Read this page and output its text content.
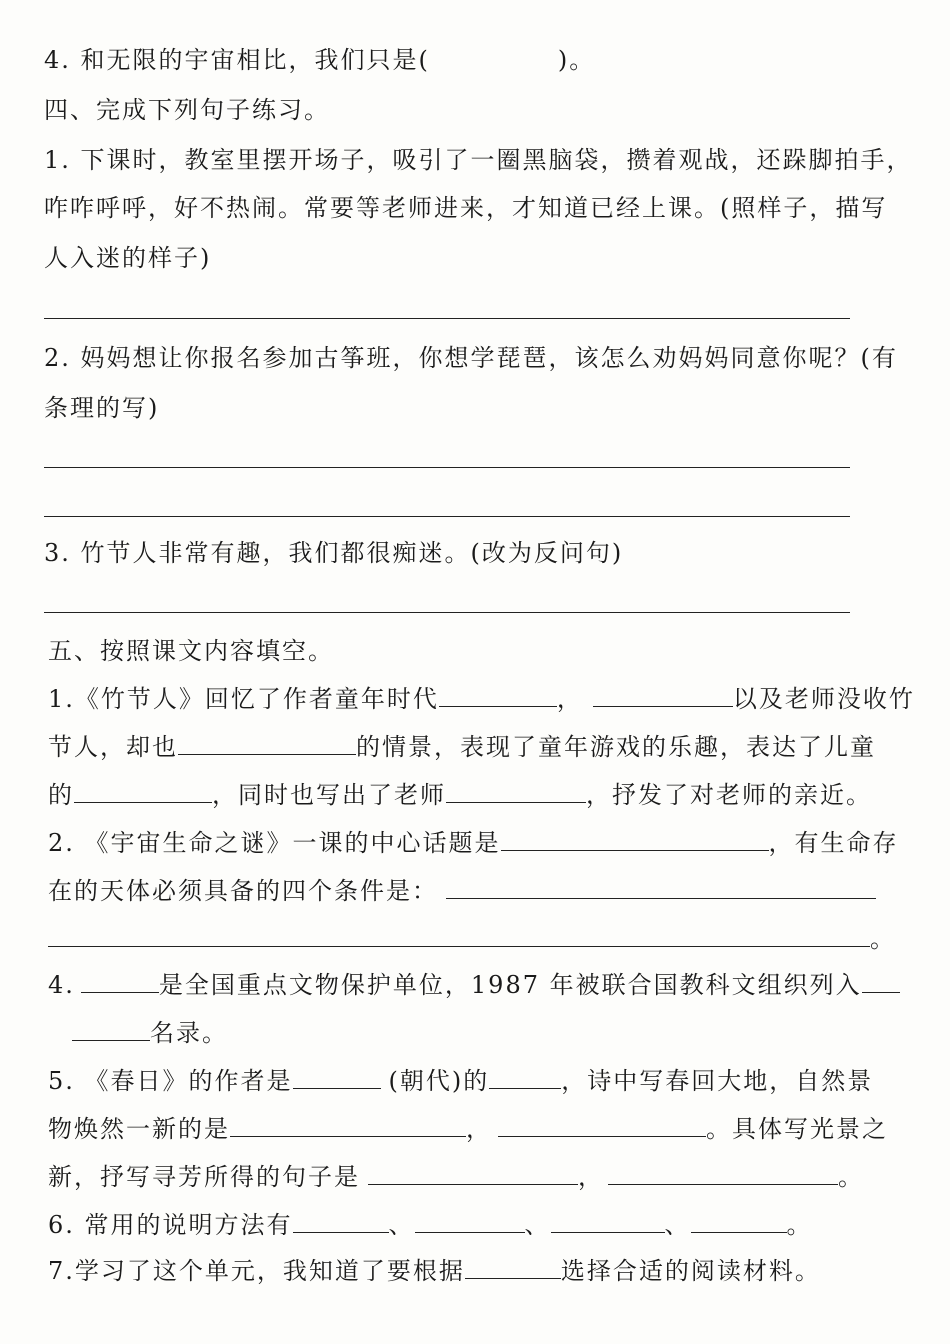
4. 和无限的宇宙相比，我们只是(	)。
四、完成下列句子练习。
1. 下课时，教室里摆开场子，吸引了一圈黑脑袋，攒着观战，还跺脚拍手，
咋咋呼呼，好不热闹。常要等老师进来，才知道已经上课。(照样子，描写
人入迷的样子)
2. 妈妈想让你报名参加古筝班，你想学琵琶，该怎么劝妈妈同意你呢？(有
条理的写)
3. 竹节人非常有趣，我们都很痴迷。(改为反问句)
五、按照课文内容填空。
1.《竹节人》回忆了作者童年时代	，	以及老师没收竹
节人，却也	的情景，表现了童年游戏的乐趣，表达了儿童
的	，同时也写出了老师	，抒发了对老师的亲近。
2. 《宇宙生命之谜》一课的中心话题是	，有生命存
在的天体必须具备的四个条件是：
。
4.	是全国重点文物保护单位，1987 年被联合国教科文组织列入
名录。
5. 《春日》的作者是	(朝代)的	，诗中写春回大地，自然景
物焕然一新的是	，	。具体写光景之
新，抒写寻芳所得的句子是	，	。
6. 常用的说明方法有	、	、	、	。
7.学习了这个单元，我知道了要根据	选择合适的阅读材料。
